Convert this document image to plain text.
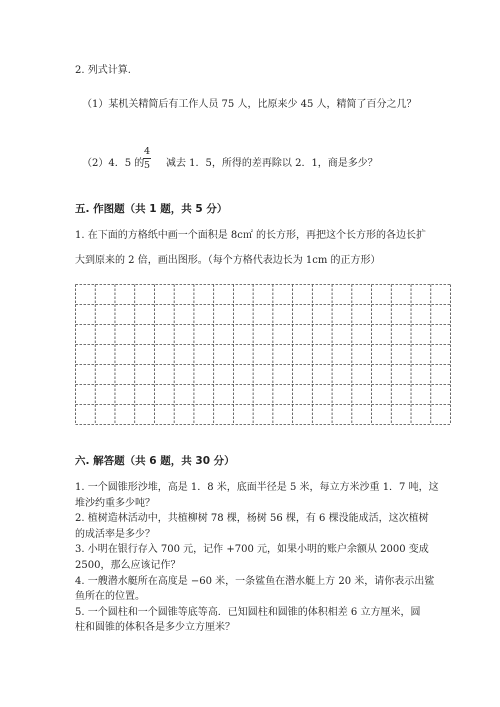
2. 列式计算.
（1）某机关精简后有工作人员 75 人，比原来少 45 人，精简了百分之几？
（2）4．5 的
4
5 减去 1．5，所得的差再除以 2．1，商是多少？
五. 作图题（共 1 题，共 5 分）
1. 在下面的方格纸中画一个面积是 8c㎡ 的长方形，再把这个长方形的各边长扩
大到原来的 2 倍，画出图形。（每个方格代表边长为 1cm 的正方形）
六. 解答题（共 6 题，共 30 分）
1. 一个圆锥形沙堆，高是 1．8 米，底面半径是 5 米，每立方米沙重 1．7 吨，这
堆沙约重多少吨？
2. 植树造林活动中，共植柳树 78 棵，杨树 56 棵，有 6 棵没能成活，这次植树
的成活率是多少？
3. 小明在银行存入 700 元，记作 +700 元，如果小明的账户余额从 2000 变成
2500，那么应该记作？
4. 一艘潜水艇所在高度是 −60 米，一条鲨鱼在潜水艇上方 20 米，请你表示出鲨
鱼所在的位置。
5. 一个圆柱和一个圆锥等底等高．已知圆柱和圆锥的体积相差 6 立方厘米，圆
柱和圆锥的体积各是多少立方厘米？
